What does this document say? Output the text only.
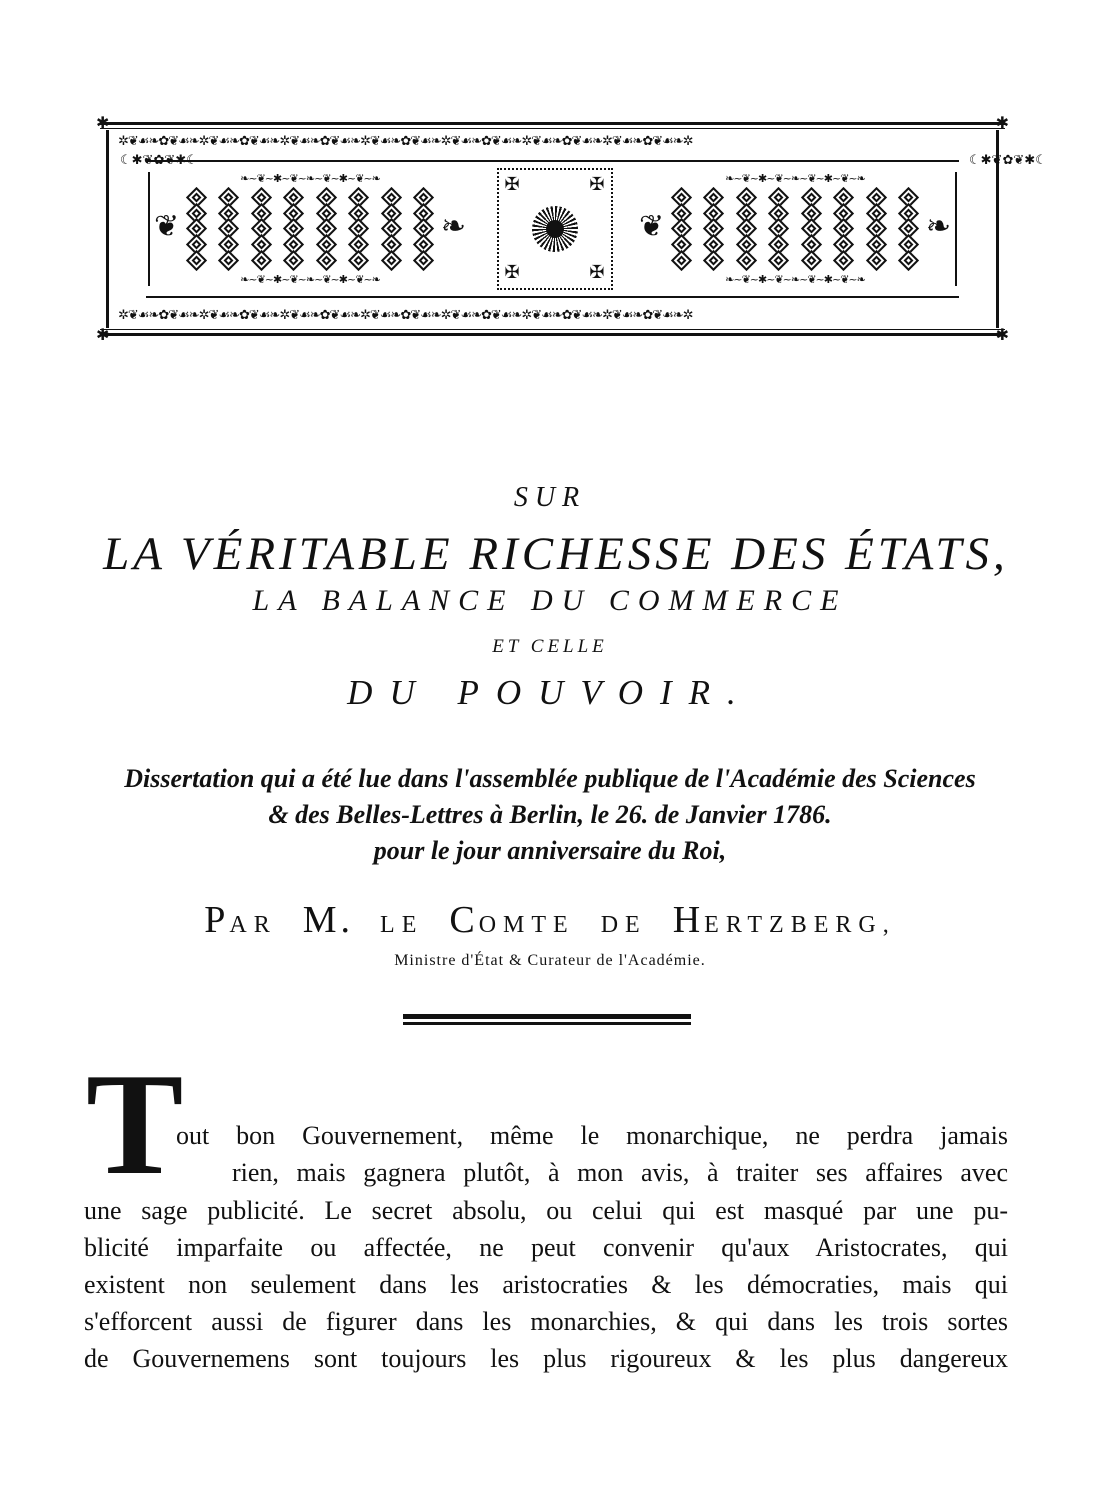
✱	✱
✱	✱
✲❦☙❧✿❦☙❧✲❦☙❧✿❦☙❧✲❦☙❧✿❦☙❧✲❦☙❧✿❦☙❧✲❦☙❧✿❦☙❧✲❦☙❧✿❦☙❧✲❦☙❧✿❦☙❧✲
✲❦☙❧✿❦☙❧✲❦☙❧✿❦☙❧✲❦☙❧✿❦☙❧✲❦☙❧✿❦☙❧✲❦☙❧✿❦☙❧✲❦☙❧✿❦☙❧✲❦☙❧✿❦☙❧✲
☾✱❦✿❦✱☾	☾✱❦✿❦✱☾
❧~❦~✱~❦~❧~❦~✱~❦~❧
❧~❦~✱~❦~❧~❦~✱~❦~❧
❦	❧
✠	✠
✠	✠
❧~❦~✱~❦~❧~❦~✱~❦~❧
❧~❦~✱~❦~❧~❦~✱~❦~❧
❦	❧
SUR
LA VÉRITABLE RICHESSE DES ÉTATS,
LA BALANCE DU COMMERCE
ET CELLE
DU POUVOIR.
Dissertation qui a été lue dans l'assemblée publique de l'Académie des Sciences
& des Belles-Lettres à Berlin, le 26. de Janvier 1786.
pour le jour anniversaire du Roi,
PAR M. LE COMTE DE HERTZBERG,
Ministre d'État & Curateur de l'Académie.
T
out bon Gouvernement, même le monarchique, ne perdra jamais
rien, mais gagnera plutôt, à mon avis, à traiter ses affaires avec
une sage publicité. Le secret absolu, ou celui qui est masqué par une pu-
blicité imparfaite ou affectée, ne peut convenir qu'aux Aristocrates, qui
existent non seulement dans les aristocraties & les démocraties, mais qui
s'efforcent aussi de figurer dans les monarchies, & qui dans les trois sortes
de Gouvernemens sont toujours les plus rigoureux & les plus dangereux
